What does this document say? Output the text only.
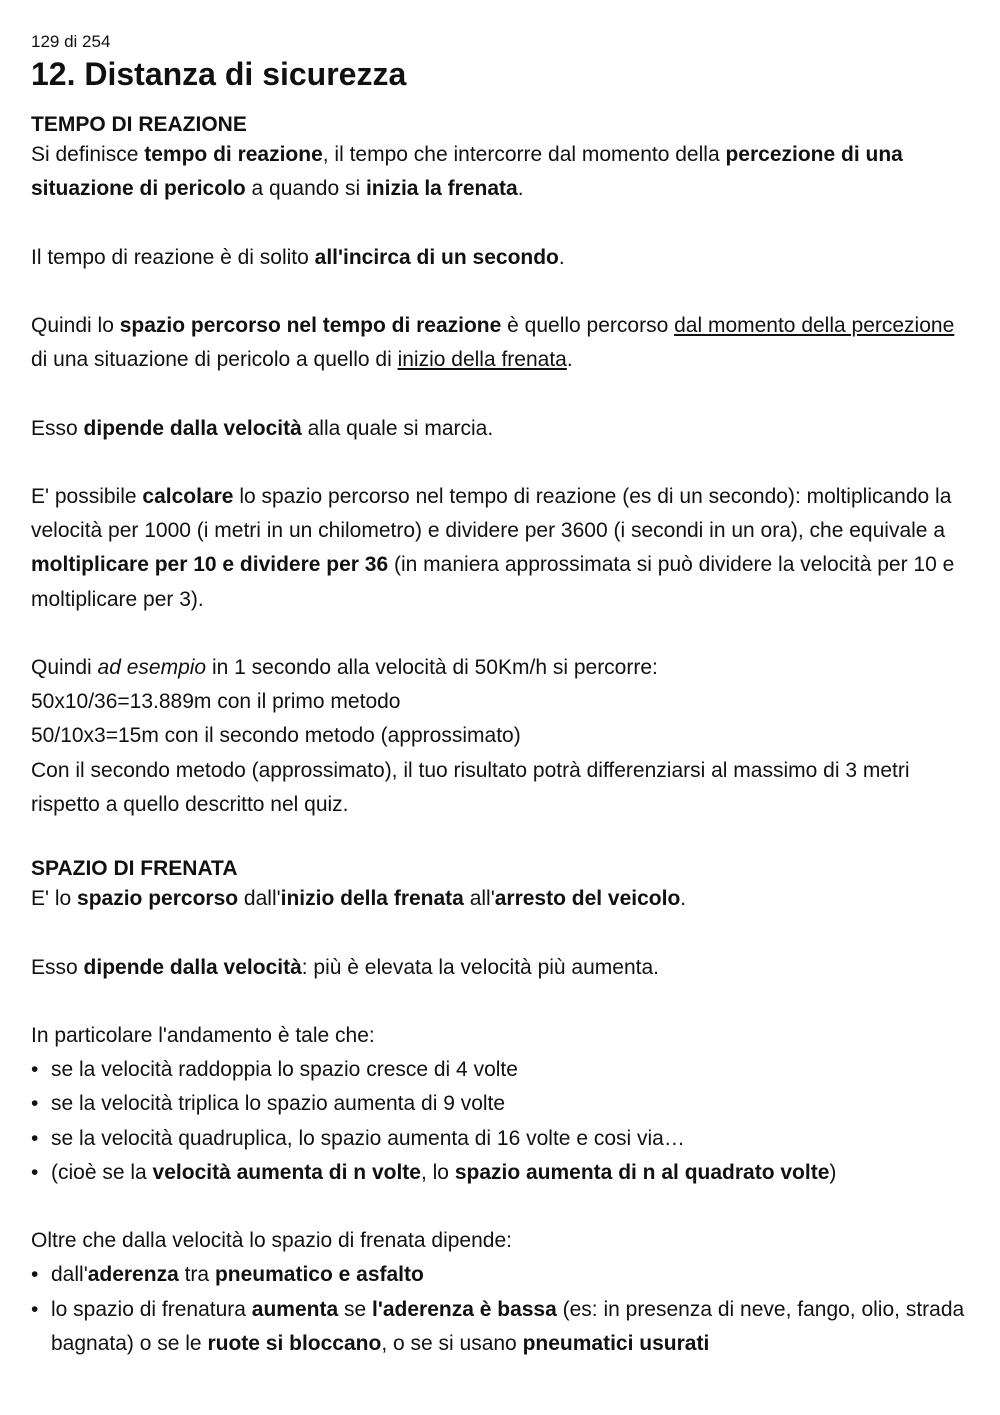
129 di 254

12. Distanza di sicurezza
TEMPO DI REAZIONE

Si definisce tempo di reazione, il tempo che intercorre dal momento della percezione di una situazione di pericolo a quando si inizia la frenata.

Il tempo di reazione è di solito all'incirca di un secondo.

Quindi lo spazio percorso nel tempo di reazione è quello percorso dal momento della percezione di una situazione di pericolo a quello di inizio della frenata.

Esso dipende dalla velocità alla quale si marcia.

E' possibile calcolare lo spazio percorso nel tempo di reazione (es di un secondo): moltiplicando la velocità per 1000 (i metri in un chilometro) e dividere per 3600 (i secondi in un ora), che equivale a moltiplicare per 10 e dividere per 36 (in maniera approssimata si può dividere la velocità per 10 e moltiplicare per 3).

Quindi ad esempio in 1 secondo alla velocità di 50Km/h si percorre:
50x10/36=13.889m con il primo metodo
50/10x3=15m con il secondo metodo (approssimato)
Con il secondo metodo (approssimato), il tuo risultato potrà differenziarsi al massimo di 3 metri rispetto a quello descritto nel quiz.

SPAZIO DI FRENATA

E' lo spazio percorso dall'inizio della frenata all'arresto del veicolo.

Esso dipende dalla velocità: più è elevata la velocità più aumenta.

In particolare l'andamento è tale che:

• se la velocità raddoppia lo spazio cresce di 4 volte
• se la velocità triplica lo spazio aumenta di 9 volte
• se la velocità quadruplica, lo spazio aumenta di 16 volte e cosi via…
• (cioè se la velocità aumenta di n volte, lo spazio aumenta di n al quadrato volte)

Oltre che dalla velocità lo spazio di frenata dipende:

• dall'aderenza tra pneumatico e asfalto
• lo spazio di frenatura aumenta se l'aderenza è bassa (es: in presenza di neve, fango, olio, strada bagnata) o se le ruote si bloccano, o se si usano pneumatici usurati
